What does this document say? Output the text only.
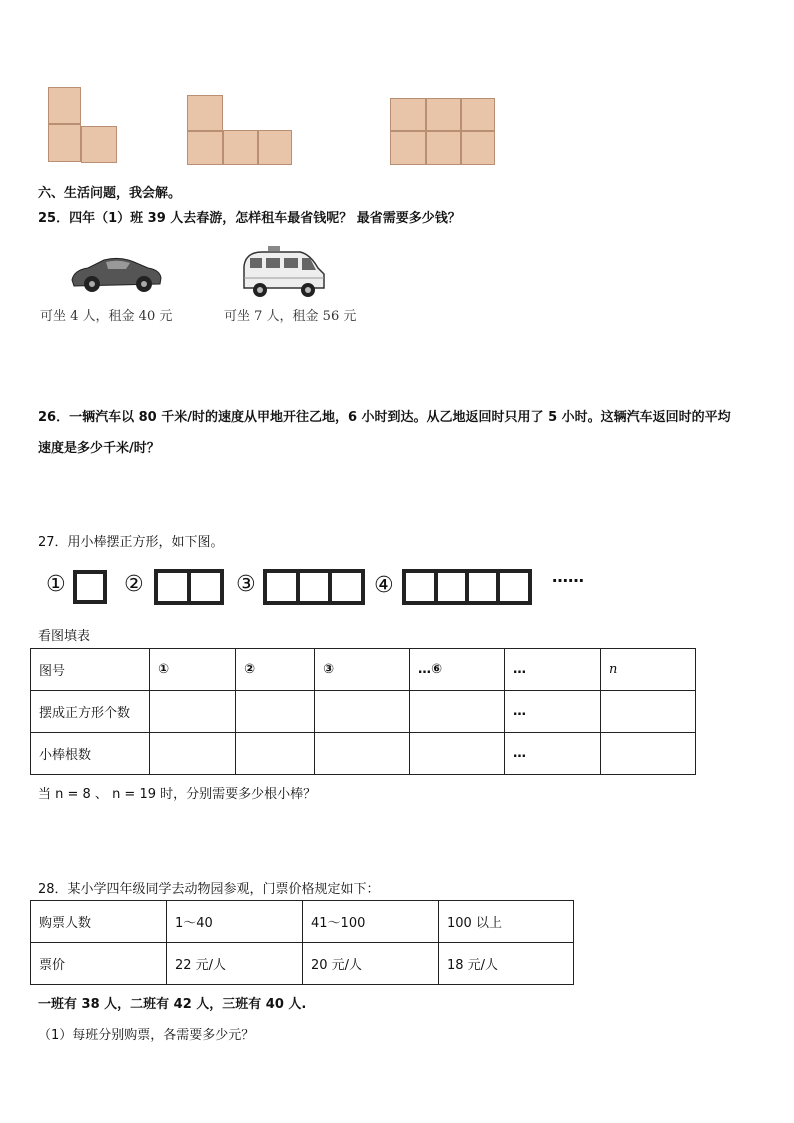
六、生活问题，我会解。
25．四年（1）班 39 人去春游，怎样租车最省钱呢？ 最省需要多少钱？
可坐 4 人，租金 40 元	可坐 7 人，租金 56 元
26．一辆汽车以 80 千米/时的速度从甲地开往乙地，6 小时到达。从乙地返回时只用了 5 小时。这辆汽车返回时的平均
速度是多少千米/时？
27．用小棒摆正方形，如下图。
①	②	③	④	……
看图填表
图号	①	②	③	…⑥	…	n
摆成正方形个数					…	
小棒根数					…	
当 n = 8 、 n = 19 时，分别需要多少根小棒？
28．某小学四年级同学去动物园参观，门票价格规定如下：
购票人数	1～40	41～100	100 以上
票价	22 元/人	20 元/人	18 元/人
一班有 38 人，二班有 42 人，三班有 40 人.
（1）每班分别购票，各需要多少元？
